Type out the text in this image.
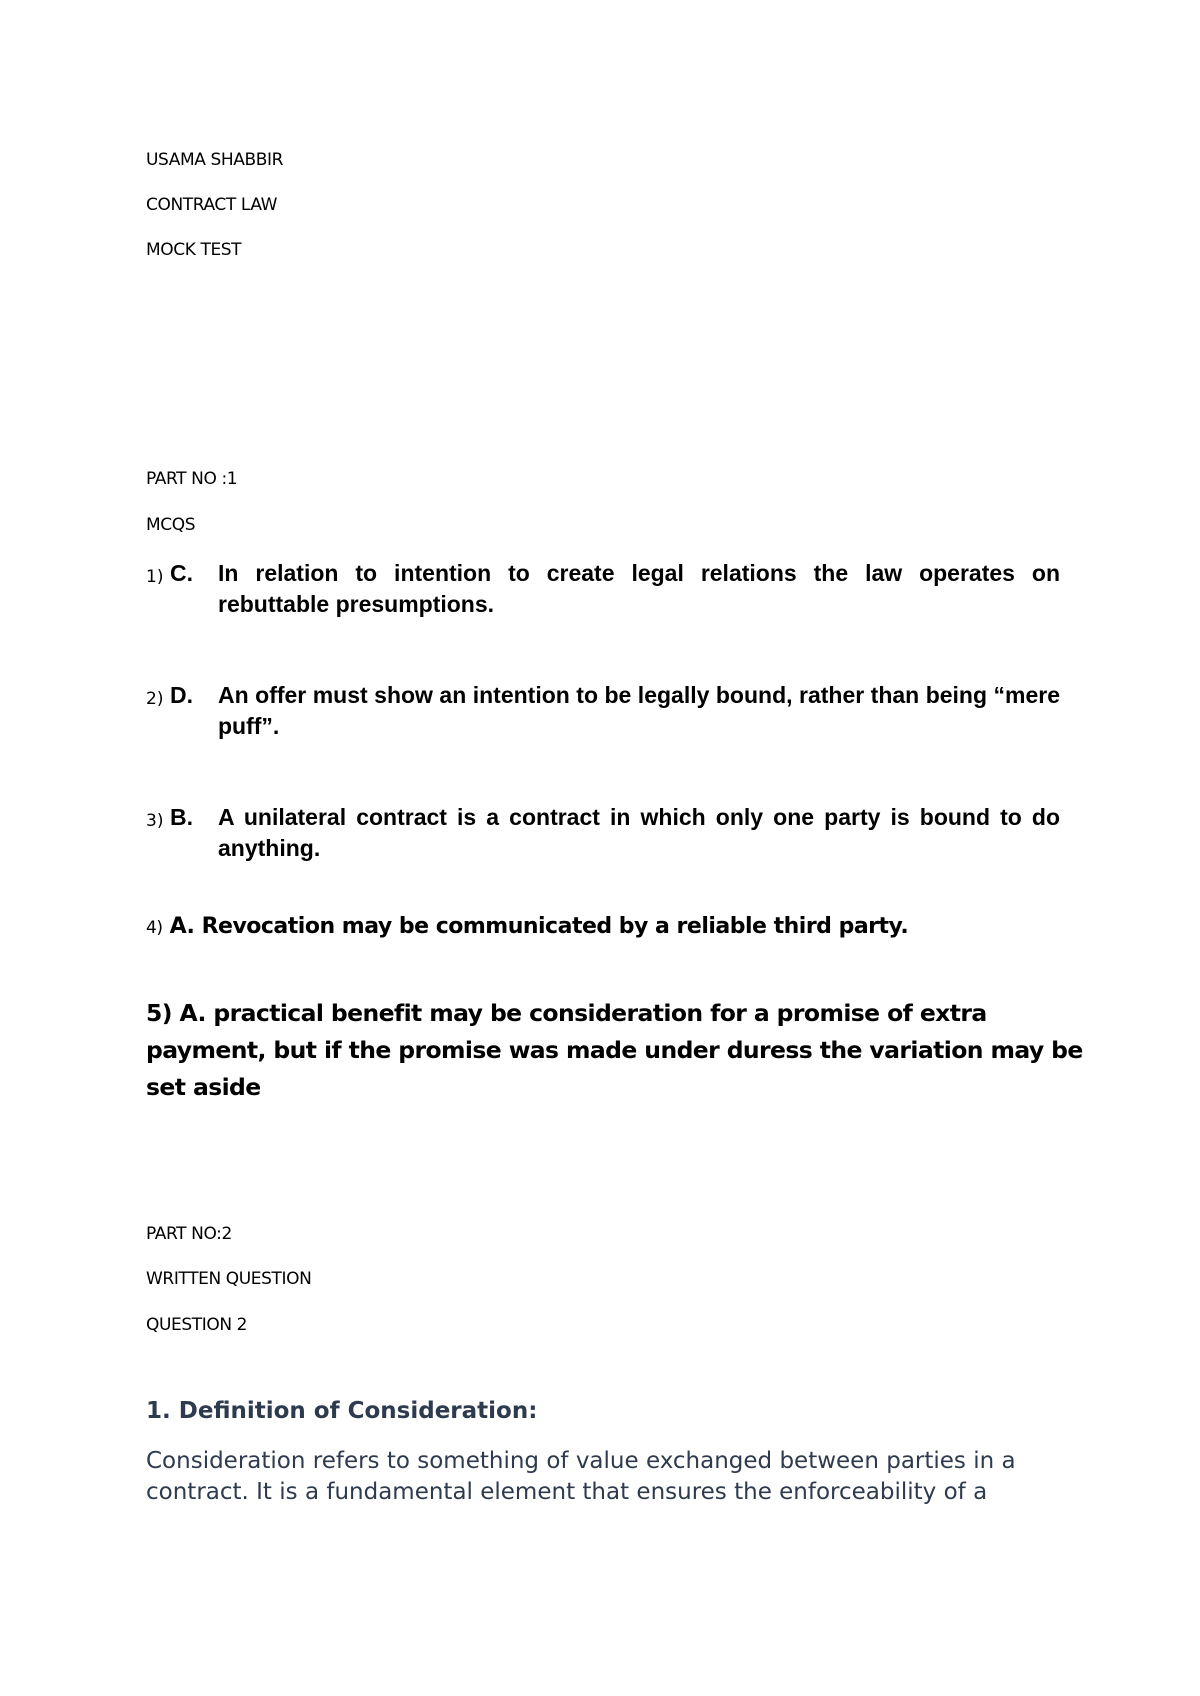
USAMA SHABBIR
CONTRACT LAW
MOCK TEST
PART NO :1
MCQS
1) C. In relation to intention to create legal relations the law operates on rebuttable presumptions.
2) D. An offer must show an intention to be legally bound, rather than being “mere puff”.
3) B. A unilateral contract is a contract in which only one party is bound to do anything.
4) A. Revocation may be communicated by a reliable third party.
5) A. practical benefit may be consideration for a promise of extra payment, but if the promise was made under duress the variation may be set aside
PART NO:2
WRITTEN QUESTION
QUESTION 2
1. Definition of Consideration:
Consideration refers to something of value exchanged between parties in a contract. It is a fundamental element that ensures the enforceability of a
